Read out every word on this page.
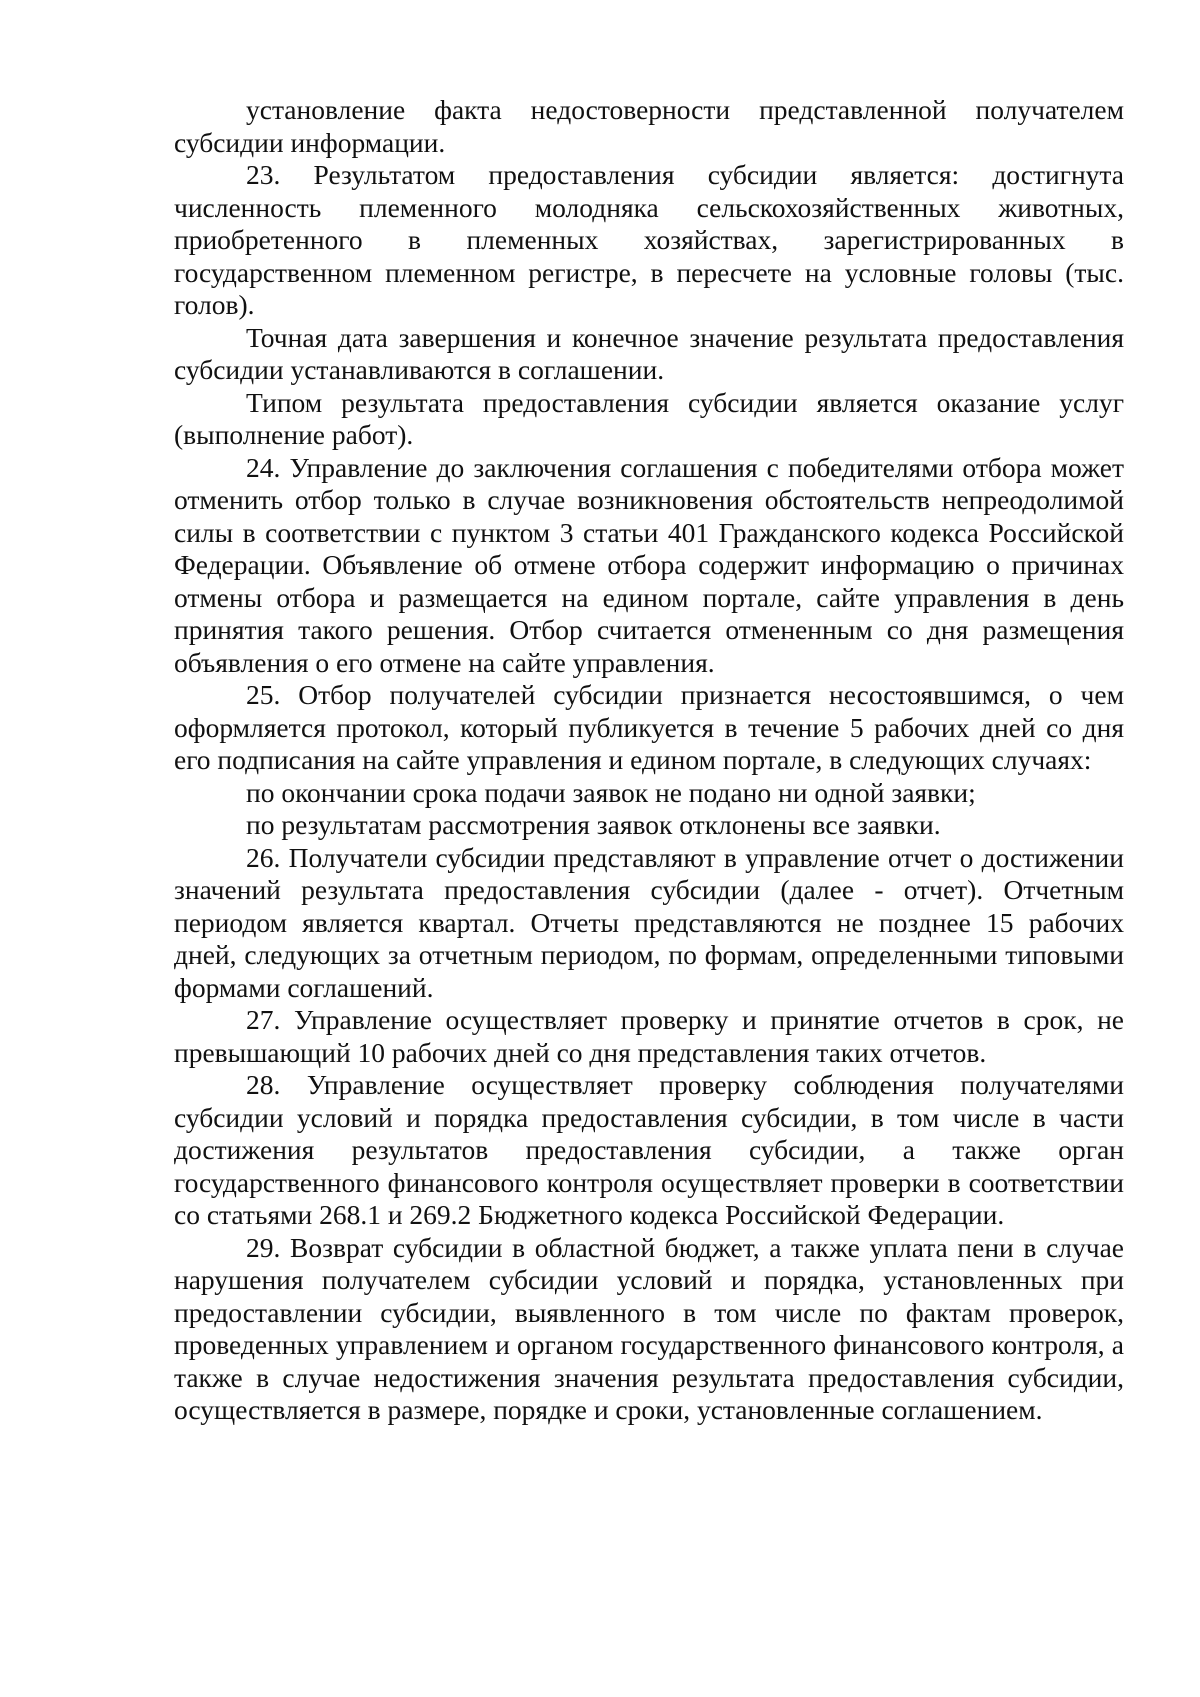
установление факта недостоверности представленной получателем субсидии информации.

23. Результатом предоставления субсидии является: достигнута численность племенного молодняка сельскохозяйственных животных, приобретенного в племенных хозяйствах, зарегистрированных в государственном племенном регистре, в пересчете на условные головы (тыс. голов).

Точная дата завершения и конечное значение результата предоставления субсидии устанавливаются в соглашении.

Типом результата предоставления субсидии является оказание услуг (выполнение работ).

24. Управление до заключения соглашения с победителями отбора может отменить отбор только в случае возникновения обстоятельств непреодолимой силы в соответствии с пунктом 3 статьи 401 Гражданского кодекса Российской Федерации. Объявление об отмене отбора содержит информацию о причинах отмены отбора и размещается на едином портале, сайте управления в день принятия такого решения. Отбор считается отмененным со дня размещения объявления о его отмене на сайте управления.

25. Отбор получателей субсидии признается несостоявшимся, о чем оформляется протокол, который публикуется в течение 5 рабочих дней со дня его подписания на сайте управления и едином портале, в следующих случаях:

по окончании срока подачи заявок не подано ни одной заявки;

по результатам рассмотрения заявок отклонены все заявки.

26. Получатели субсидии представляют в управление отчет о достижении значений результата предоставления субсидии (далее - отчет). Отчетным периодом является квартал. Отчеты представляются не позднее 15 рабочих дней, следующих за отчетным периодом, по формам, определенными типовыми формами соглашений.

27. Управление осуществляет проверку и принятие отчетов в срок, не превышающий 10 рабочих дней со дня представления таких отчетов.

28. Управление осуществляет проверку соблюдения получателями субсидии условий и порядка предоставления субсидии, в том числе в части достижения результатов предоставления субсидии, а также орган государственного финансового контроля осуществляет проверки в соответствии со статьями 268.1 и 269.2 Бюджетного кодекса Российской Федерации.

29. Возврат субсидии в областной бюджет, а также уплата пени в случае нарушения получателем субсидии условий и порядка, установленных при предоставлении субсидии, выявленного в том числе по фактам проверок, проведенных управлением и органом государственного финансового контроля, а также в случае недостижения значения результата предоставления субсидии, осуществляется в размере, порядке и сроки, установленные соглашением.
